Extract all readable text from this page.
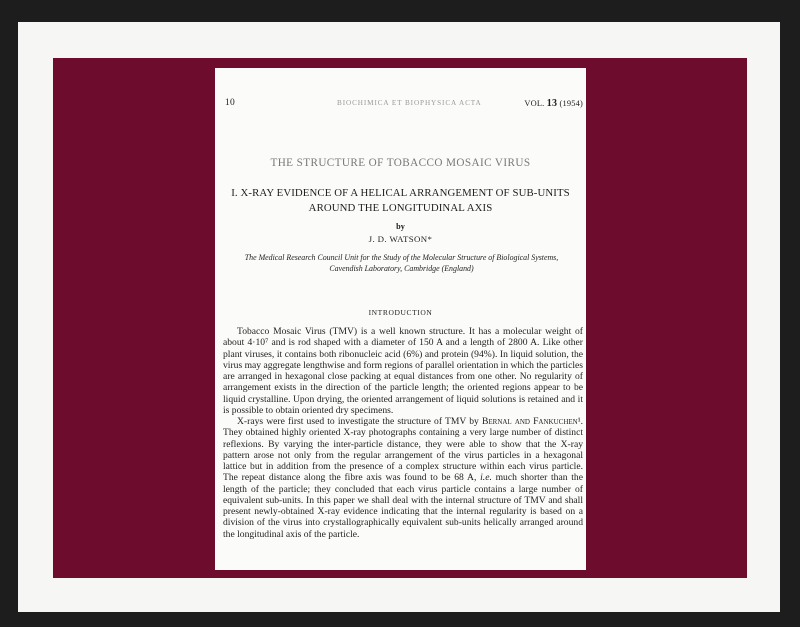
10	BIOCHIMICA ET BIOPHYSICA ACTA	VOL. 13 (1954)
THE STRUCTURE OF TOBACCO MOSAIC VIRUS
I. X-RAY EVIDENCE OF A HELICAL ARRANGEMENT OF SUB-UNITS AROUND THE LONGITUDINAL AXIS
by
J. D. WATSON*
The Medical Research Council Unit for the Study of the Molecular Structure of Biological Systems,
Cavendish Laboratory, Cambridge (England)
INTRODUCTION

Tobacco Mosaic Virus (TMV) is a well known structure. It has a molecular weight of about 4·10⁷ and is rod shaped with a diameter of 150 A and a length of 2800 A. Like other plant viruses, it contains both ribonucleic acid (6%) and protein (94%). In liquid solution, the virus may aggregate lengthwise and form regions of parallel orientation in which the particles are arranged in hexagonal close packing at equal distances from one other. No regularity of arrangement exists in the direction of the particle length; the oriented regions appear to be liquid crystalline. Upon drying, the oriented arrangement of liquid solutions is retained and it is possible to obtain oriented dry specimens.

X-rays were first used to investigate the structure of TMV by Bernal and Fankuchen¹. They obtained highly oriented X-ray photographs containing a very large number of distinct reflexions. By varying the inter-particle distance, they were able to show that the X-ray pattern arose not only from the regular arrangement of the virus particles in a hexagonal lattice but in addition from the presence of a complex structure within each virus particle. The repeat distance along the fibre axis was found to be 68 A, i.e. much shorter than the length of the particle; they concluded that each virus particle contains a large number of equivalent sub-units. In this paper we shall deal with the internal structure of TMV and shall present newly-obtained X-ray evidence indicating that the internal regularity is based on a division of the virus into crystallographically equivalent sub-units helically arranged around the longitudinal axis of the particle.
